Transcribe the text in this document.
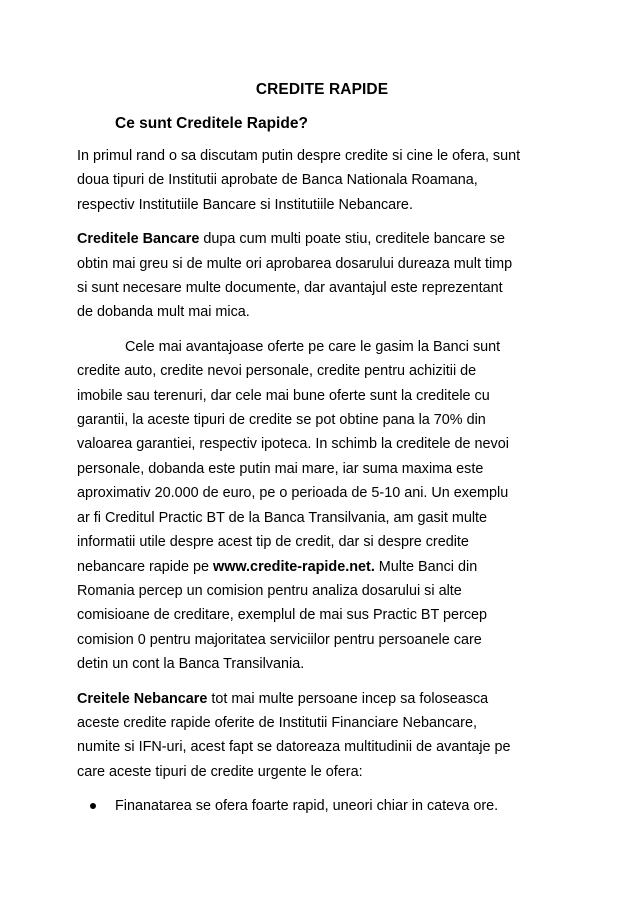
CREDITE RAPIDE
Ce sunt Creditele Rapide?

In primul rand o sa discutam putin despre credite si cine le ofera, sunt
doua tipuri de Institutii aprobate de Banca Nationala Roamana,
respectiv Institutiile Bancare si Institutiile Nebancare.

Creditele Bancare dupa cum multi poate stiu, creditele bancare se
obtin mai greu si de multe ori aprobarea dosarului dureaza mult timp
si sunt necesare multe documente, dar avantajul este reprezentant
de dobanda mult mai mica.

Cele mai avantajoase oferte pe care le gasim la Banci sunt
credite auto, credite nevoi personale, credite pentru achizitii de
imobile sau terenuri, dar cele mai bune oferte sunt la creditele cu
garantii, la aceste tipuri de credite se pot obtine pana la 70% din
valoarea garantiei, respectiv ipoteca. In schimb la creditele de nevoi
personale, dobanda este putin mai mare, iar suma maxima este
aproximativ 20.000 de euro, pe o perioada de 5-10 ani. Un exemplu
ar fi Creditul Practic BT de la Banca Transilvania, am gasit multe
informatii utile despre acest tip de credit, dar si despre credite
nebancare rapide pe www.credite-rapide.net. Multe Banci din
Romania percep un comision pentru analiza dosarului si alte
comisioane de creditare, exemplul de mai sus Practic BT percep
comision 0 pentru majoritatea serviciilor pentru persoanele care
detin un cont la Banca Transilvania.

Creitele Nebancare tot mai multe persoane incep sa foloseasca
aceste credite rapide oferite de Institutii Financiare Nebancare,
numite si IFN-uri, acest fapt se datoreaza multitudinii de avantaje pe
care aceste tipuri de credite urgente le ofera:

Finanatarea se ofera foarte rapid, uneori chiar in cateva ore.
